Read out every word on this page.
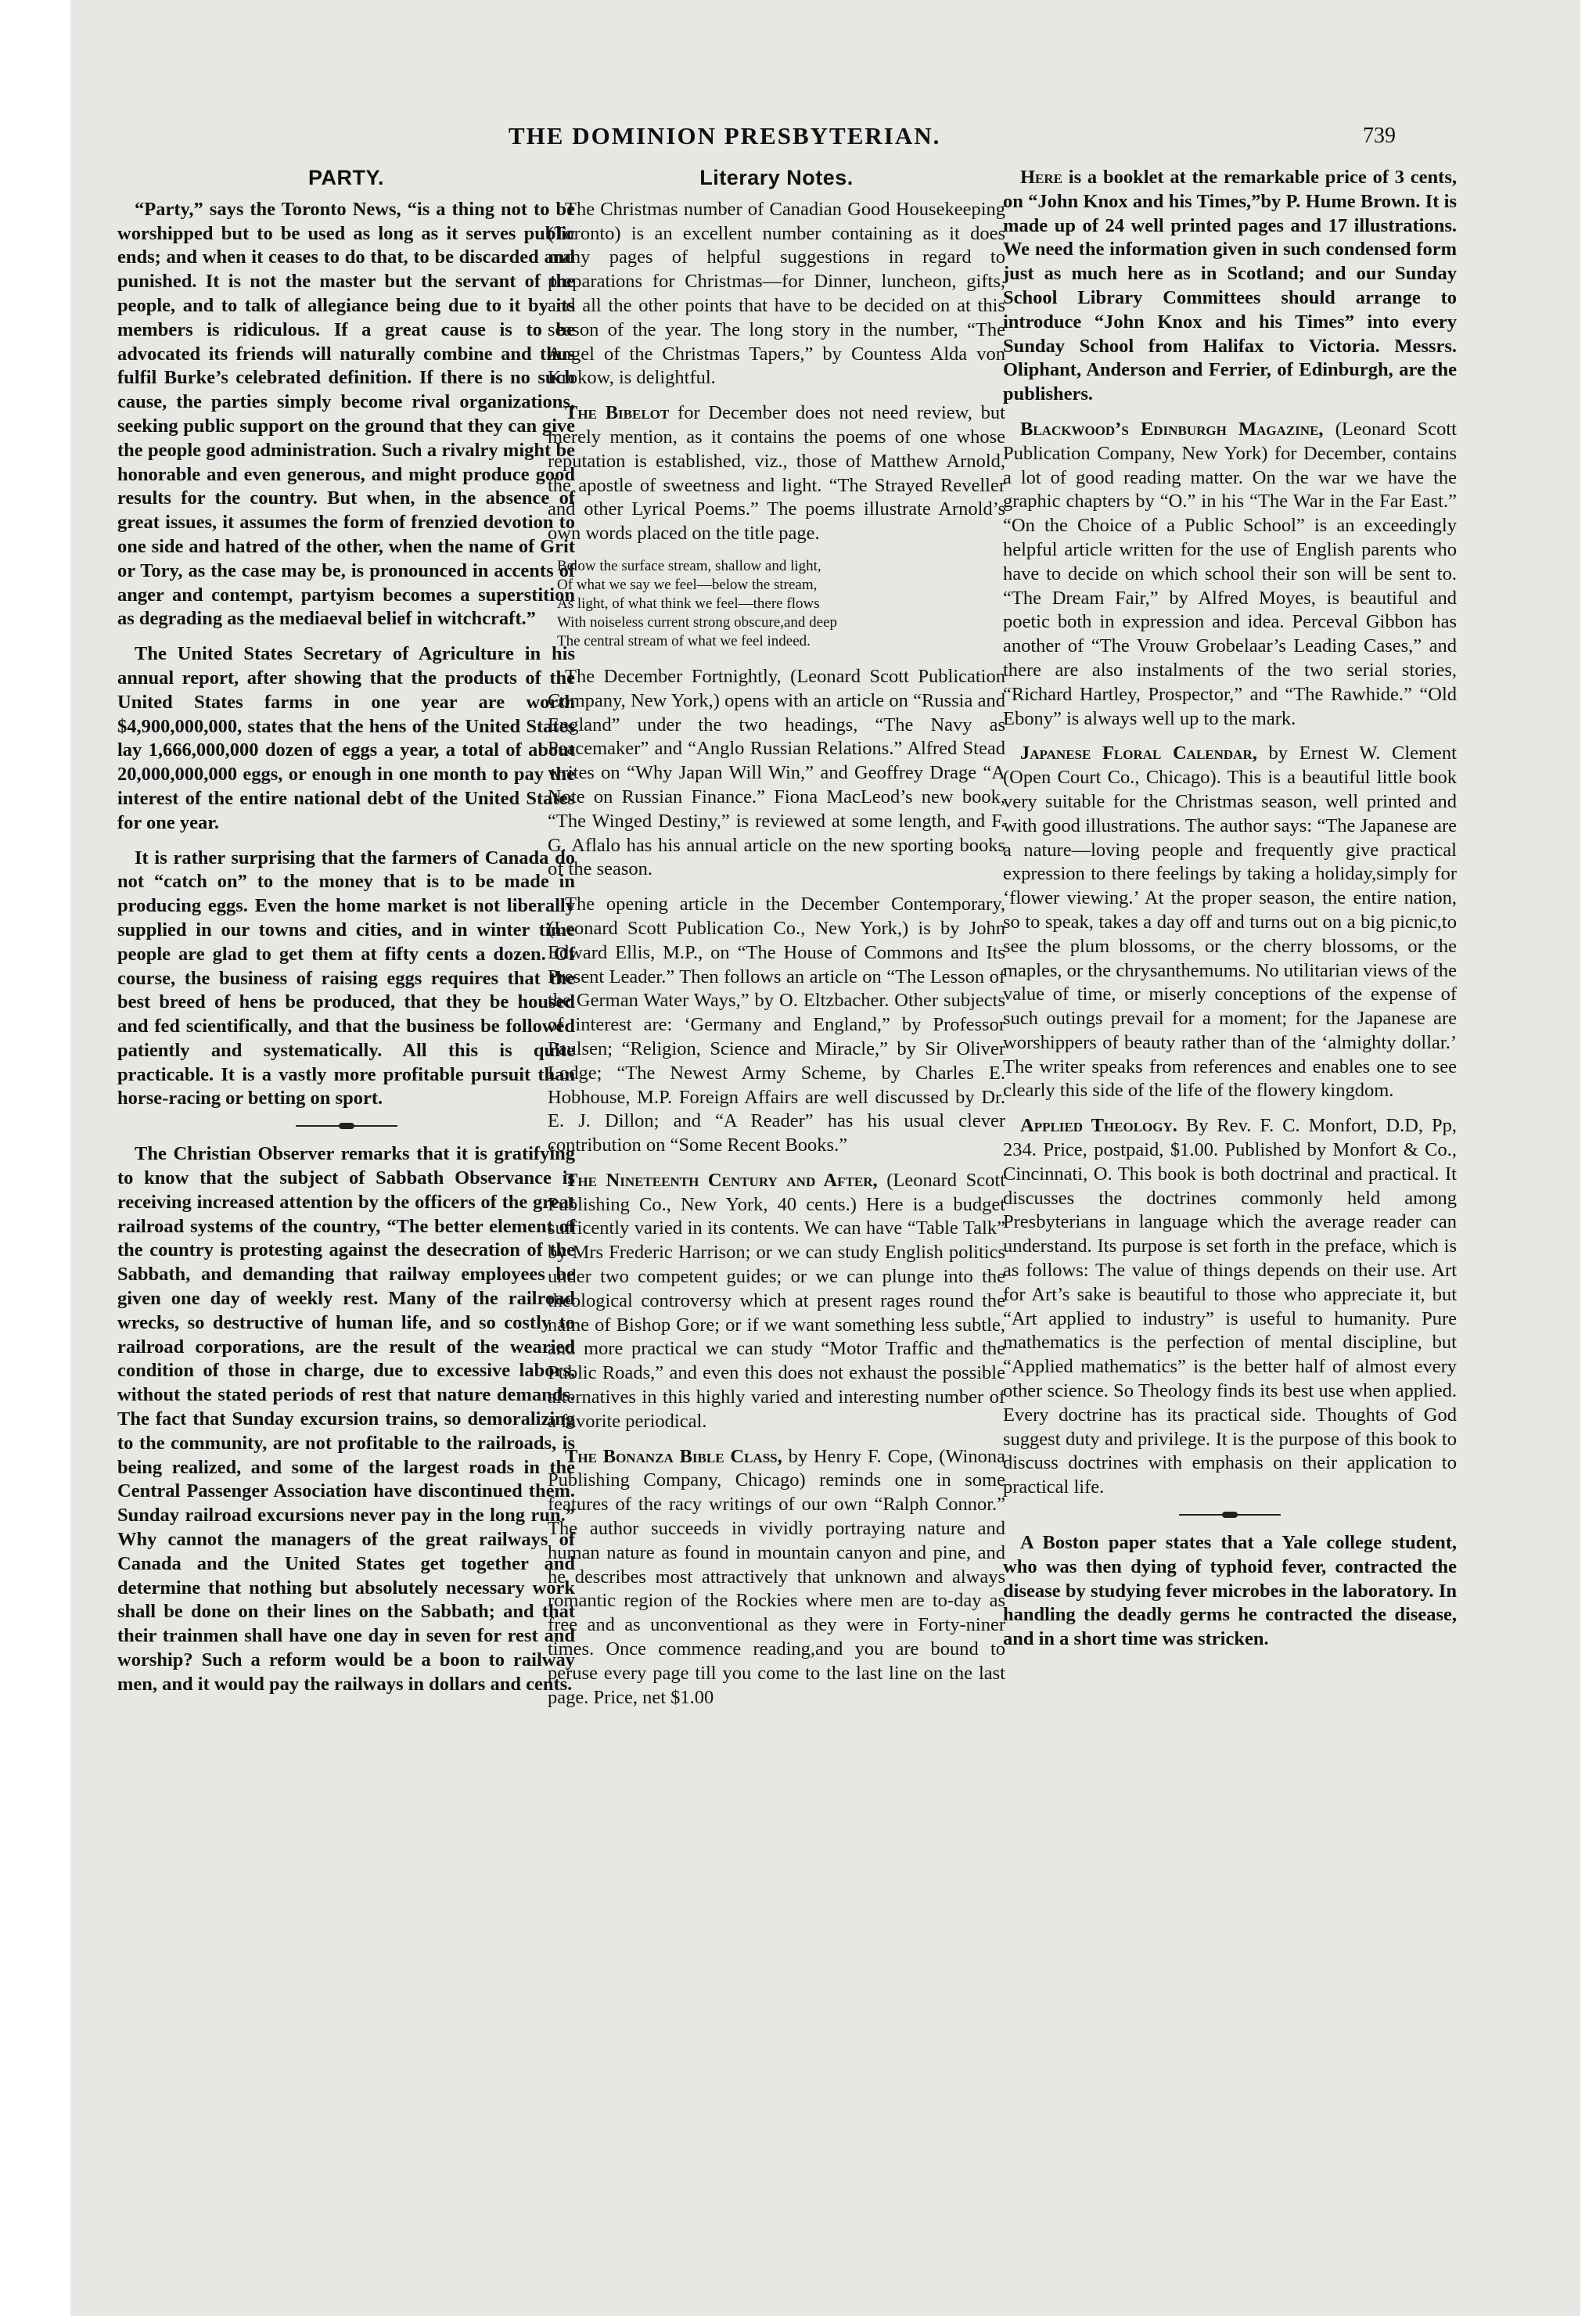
THE DOMINION PRESBYTERIAN.	739
PARTY.

“Party,” says the Toronto News, “is a thing not to be worshipped but to be used as long as it serves public ends; and when it ceases to do that, to be discarded and punished. It is not the master but the servant of the people, and to talk of allegiance being due to it by its members is ridiculous. If a great cause is to be advocated its friends will naturally combine and thus fulfil Burke’s celebrated definition. If there is no such cause, the parties simply become rival organizations, seeking public support on the ground that they can give the people good administration. Such a rivalry might be honorable and even generous, and might produce good results for the country. But when, in the absence of great issues, it assumes the form of frenzied devotion to one side and hatred of the other, when the name of Grit or Tory, as the case may be, is pronounced in accents of anger and contempt, partyism becomes a superstition as degrading as the mediaeval belief in witchcraft.”

The United States Secretary of Agriculture in his annual report, after showing that the products of the United States farms in one year are worth $4,900,000,000, states that the hens of the United States lay 1,666,000,000 dozen of eggs a year, a total of about 20,000,000,000 eggs, or enough in one month to pay the interest of the entire national debt of the United States for one year.

It is rather surprising that the farmers of Canada do not “catch on” to the money that is to be made in producing eggs. Even the home market is not liberally supplied in our towns and cities, and in winter time people are glad to get them at fifty cents a dozen. Of course, the business of raising eggs requires that the best breed of hens be produced, that they be housed and fed scientifically, and that the business be followed patiently and systematically. All this is quite practicable. It is a vastly more profitable pursuit than horse-racing or betting on sport.

The Christian Observer remarks that it is gratifying to know that the subject of Sabbath Observance is receiving increased attention by the officers of the great railroad systems of the country, “The better element of the country is protesting against the desecration of the Sabbath, and demanding that railway employees be given one day of weekly rest. Many of the railroad wrecks, so destructive of human life, and so costly to railroad corporations, are the result of the wearied condition of those in charge, due to excessive labors, without the stated periods of rest that nature demands. The fact that Sunday excursion trains, so demoralizing to the community, are not profitable to the railroads, is being realized, and some of the largest roads in the Central Passenger Association have discontinued them. Sunday railroad excursions never pay in the long run.” Why cannot the managers of the great railways of Canada and the United States get together and determine that nothing but absolutely necessary work shall be done on their lines on the Sabbath; and that their trainmen shall have one day in seven for rest and worship? Such a reform would be a boon to railway men, and it would pay the railways in dollars and cents.

Literary Notes.

The Christmas number of Canadian Good Housekeeping (Toronto) is an excellent number containing as it does many pages of helpful suggestions in regard to preparations for Christmas—for Dinner, luncheon, gifts, and all the other points that have to be decided on at this season of the year. The long story in the number, “The Angel of the Christmas Tapers,” by Countess Alda von Krokow, is delightful.

The Bibelot for December does not need review, but merely mention, as it contains the poems of one whose reputation is established, viz., those of Matthew Arnold, the apostle of sweetness and light. “The Strayed Reveller and other Lyrical Poems.” The poems illustrate Arnold’s own words placed on the title page.

Below the surface stream, shallow and light,
Of what we say we feel—below the stream,
As light, of what think we feel—there flows
With noiseless current strong obscure,and deep
The central stream of what we feel indeed.

The December Fortnightly, (Leonard Scott Publication Company, New York,) opens with an article on “Russia and England” under the two headings, “The Navy as Peacemaker” and “Anglo Russian Relations.” Alfred Stead writes on “Why Japan Will Win,” and Geoffrey Drage “A Note on Russian Finance.” Fiona MacLeod’s new book, “The Winged Destiny,” is reviewed at some length, and F. G. Aflalo has his annual article on the new sporting books of the season.

The opening article in the December Contemporary, (Leonard Scott Publication Co., New York,) is by John Edward Ellis, M.P., on “The House of Commons and Its Present Leader.” Then follows an article on “The Lesson of the German Water Ways,” by O. Eltzbacher. Other subjects of interest are: ‘Germany and England,” by Professor Paulsen; “Religion, Science and Miracle,” by Sir Oliver Lodge; “The Newest Army Scheme, by Charles E. Hobhouse, M.P. Foreign Affairs are well discussed by Dr. E. J. Dillon; and “A Reader” has his usual clever contribution on “Some Recent Books.”

The Nineteenth Century and After, (Leonard Scott Publishing Co., New York, 40 cents.) Here is a budget sufficently varied in its contents. We can have “Table Talk” by Mrs Frederic Harrison; or we can study English politics under two competent guides; or we can plunge into the theological controversy which at present rages round the name of Bishop Gore; or if we want something less subtle, and more practical we can study “Motor Traffic and the Public Roads,” and even this does not exhaust the possible alternatives in this highly varied and interesting number of a favorite periodical.

The Bonanza Bible Class, by Henry F. Cope, (Winona Publishing Company, Chicago) reminds one in some features of the racy writings of our own “Ralph Connor.” The author succeeds in vividly portraying nature and human nature as found in mountain canyon and pine, and he describes most attractively that unknown and always romantic region of the Rockies where men are to-day as free and as unconventional as they were in Forty-niner times. Once commence reading,and you are bound to peruse every page till you come to the last line on the last page. Price, net $1.00

Here is a booklet at the remarkable price of 3 cents, on “John Knox and his Times,”by P. Hume Brown. It is made up of 24 well printed pages and 17 illustrations. We need the information given in such condensed form just as much here as in Scotland; and our Sunday School Library Committees should arrange to introduce “John Knox and his Times” into every Sunday School from Halifax to Victoria. Messrs. Oliphant, Anderson and Ferrier, of Edinburgh, are the publishers.

Blackwood’s Edinburgh Magazine, (Leonard Scott Publication Company, New York) for December, contains a lot of good reading matter. On the war we have the graphic chapters by “O.” in his “The War in the Far East.” “On the Choice of a Public School” is an exceedingly helpful article written for the use of English parents who have to decide on which school their son will be sent to. “The Dream Fair,” by Alfred Moyes, is beautiful and poetic both in expression and idea. Perceval Gibbon has another of “The Vrouw Grobelaar’s Leading Cases,” and there are also instalments of the two serial stories, “Richard Hartley, Prospector,” and “The Rawhide.” “Old Ebony” is always well up to the mark.

Japanese Floral Calendar, by Ernest W. Clement (Open Court Co., Chicago). This is a beautiful little book very suitable for the Christmas season, well printed and with good illustrations. The author says: “The Japanese are a nature—loving people and frequently give practical expression to there feelings by taking a holiday,simply for ‘flower viewing.’ At the proper season, the entire nation, so to speak, takes a day off and turns out on a big picnic,to see the plum blossoms, or the cherry blossoms, or the maples, or the chrysanthemums. No utilitarian views of the value of time, or miserly conceptions of the expense of such outings prevail for a moment; for the Japanese are worshippers of beauty rather than of the ‘almighty dollar.’ The writer speaks from references and enables one to see clearly this side of the life of the flowery kingdom.

Applied Theology. By Rev. F. C. Monfort, D.D, Pp, 234. Price, postpaid, $1.00. Published by Monfort & Co., Cincinnati, O. This book is both doctrinal and practical. It discusses the doctrines commonly held among Presbyterians in language which the average reader can understand. Its purpose is set forth in the preface, which is as follows: The value of things depends on their use. Art for Art’s sake is beautiful to those who appreciate it, but “Art applied to industry” is useful to humanity. Pure mathematics is the perfection of mental discipline, but “Applied mathematics” is the better half of almost every other science. So Theology finds its best use when applied. Every doctrine has its practical side. Thoughts of God suggest duty and privilege. It is the purpose of this book to discuss doctrines with emphasis on their application to practical life.

A Boston paper states that a Yale college student, who was then dying of typhoid fever, contracted the disease by studying fever microbes in the laboratory. In handling the deadly germs he contracted the disease, and in a short time was stricken.
